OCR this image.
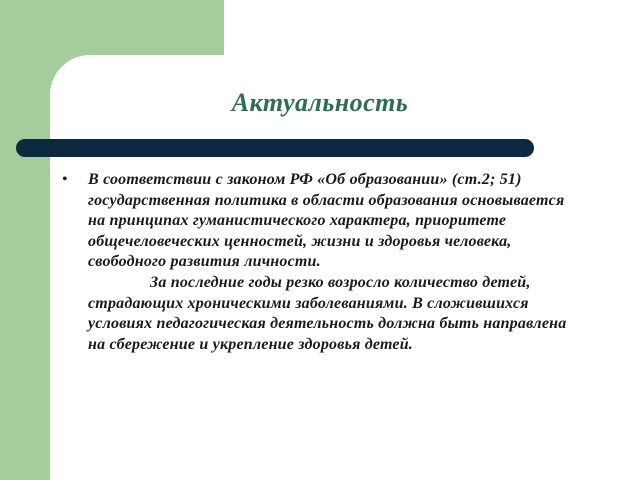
Актуальность
• В соответствии с законом РФ «Об образовании» (ст.2; 51) государственная политика в области образования основывается на принципах гуманистического характера, приоритете общечеловеческих ценностей, жизни и здоровья человека, свободного развития личности.

За последние годы резко возросло количество детей, страдающих хроническими заболеваниями. В сложившихся условиях педагогическая деятельность должна быть направлена на сбережение и укрепление здоровья детей.
